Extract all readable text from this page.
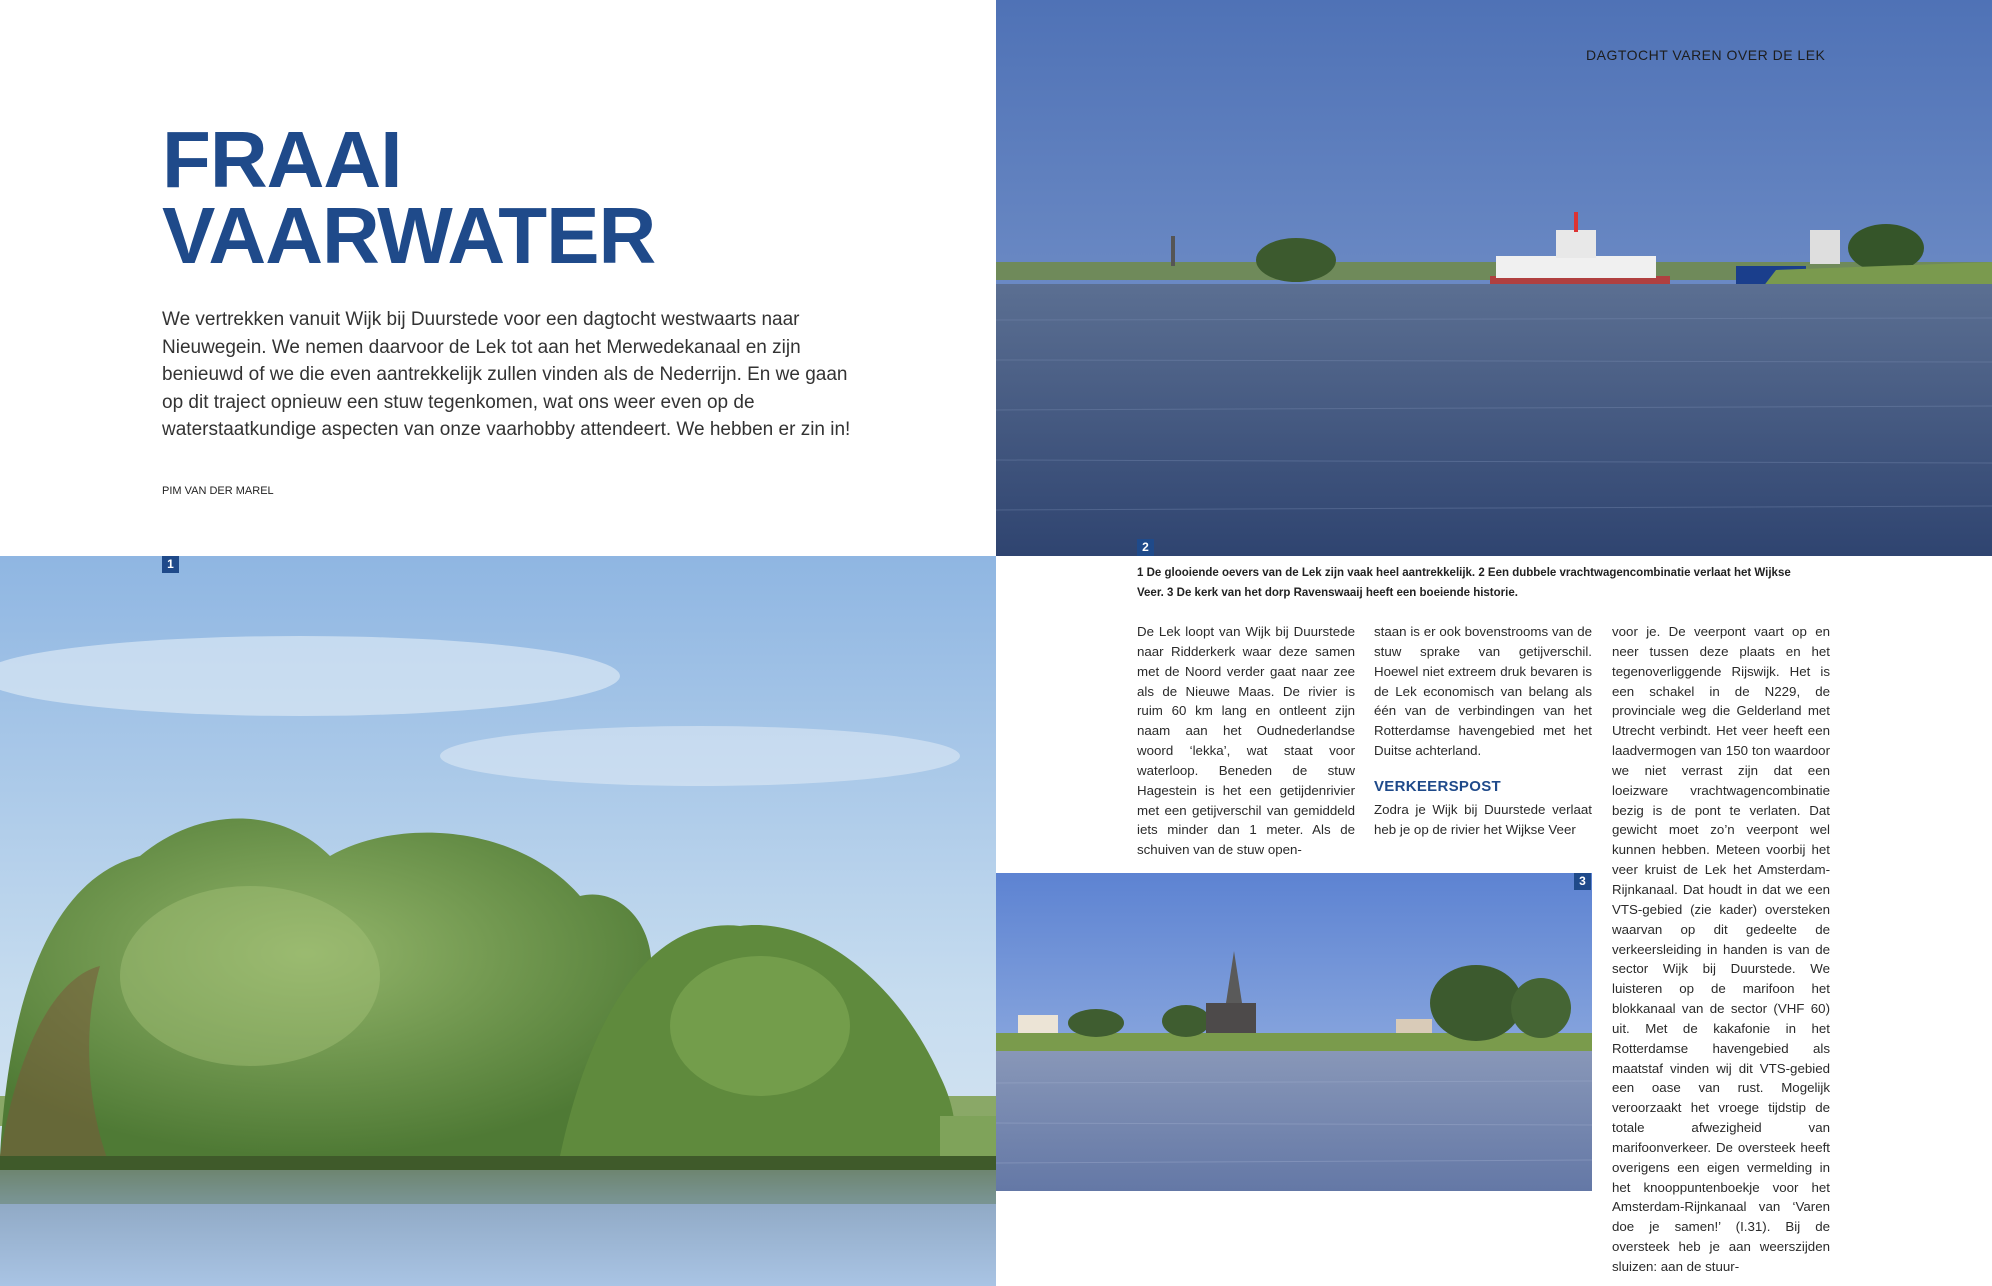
FRAAI
VAARWATER

We vertrekken vanuit Wijk bij Duurstede voor een dagtocht westwaarts naar Nieuwegein. We nemen daarvoor de Lek tot aan het Merwedekanaal en zijn benieuwd of we die even aantrekkelijk zullen vinden als de Nederrijn. En we gaan op dit traject opnieuw een stuw tegenkomen, wat ons weer even op de waterstaatkundige aspecten van onze vaarhobby attendeert. We hebben er zin in!

PIM VAN DER MAREL
1
DAGTOCHT VAREN OVER DE LEK
2
1 De glooiende oevers van de Lek zijn vaak heel aantrekkelijk. 2 Een dubbele vrachtwagencombinatie verlaat het Wijkse Veer. 3 De kerk van het dorp Ravenswaaij heeft een boeiende historie.
De Lek loopt van Wijk bij Duurstede naar Ridderkerk waar deze samen met de Noord verder gaat naar zee als de Nieuwe Maas. De rivier is ruim 60 km lang en ontleent zijn naam aan het Oudnederlandse woord ‘lekka’, wat staat voor waterloop. Beneden de stuw Hagestein is het een getijdenrivier met een getijverschil van gemiddeld iets minder dan 1 meter. Als de schuiven van de stuw open-
staan is er ook bovenstrooms van de stuw sprake van getijverschil. Hoewel niet extreem druk bevaren is de Lek economisch van belang als één van de verbindingen van het Rotterdamse havengebied met het Duitse achterland.
VERKEERSPOST
Zodra je Wijk bij Duurstede verlaat heb je op de rivier het Wijkse Veer
voor je. De veerpont vaart op en neer tussen deze plaats en het tegenoverliggende Rijswijk. Het is een schakel in de N229, de provinciale weg die Gelderland met Utrecht verbindt. Het veer heeft een laadvermogen van 150 ton waardoor we niet verrast zijn dat een loeizware vrachtwagencombinatie bezig is de pont te verlaten. Dat gewicht moet zo’n veerpont wel kunnen hebben. Meteen voorbij het veer kruist de Lek het Amsterdam-Rijnkanaal. Dat houdt in dat we een VTS-gebied (zie kader) oversteken waarvan op dit gedeelte de verkeersleiding in handen is van de sector Wijk bij Duurstede. We luisteren op de marifoon het blokkanaal van de sector (VHF 60) uit. Met de kakafonie in het Rotterdamse havengebied als maatstaf vinden wij dit VTS-gebied een oase van rust. Mogelijk veroorzaakt het vroege tijdstip de totale afwezigheid van marifoonverkeer. De oversteek heeft overigens een eigen vermelding in het knooppuntenboekje voor het Amsterdam-Rijnkanaal van ‘Varen doe je samen!’ (I.31). Bij de oversteek heb je aan weerszijden sluizen: aan de stuur-
3
